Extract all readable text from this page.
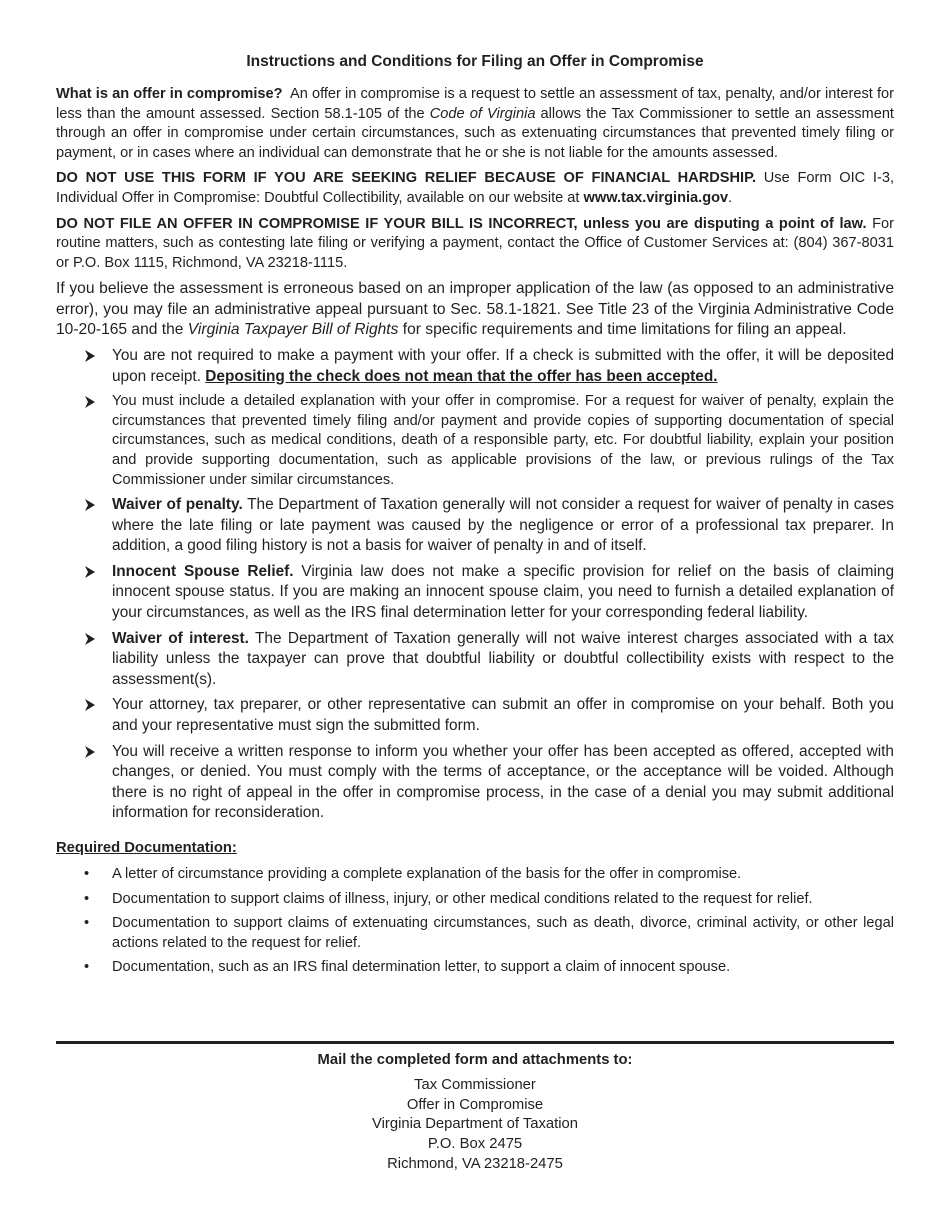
Instructions and Conditions for Filing an Offer in Compromise

What is an offer in compromise? An offer in compromise is a request to settle an assessment of tax, penalty, and/or interest for less than the amount assessed. Section 58.1-105 of the Code of Virginia allows the Tax Commissioner to settle an assessment through an offer in compromise under certain circumstances, such as extenuating circumstances that prevented timely filing or payment, or in cases where an individual can demonstrate that he or she is not liable for the amounts assessed.

DO NOT USE THIS FORM IF YOU ARE SEEKING RELIEF BECAUSE OF FINANCIAL HARDSHIP. Use Form OIC I-3, Individual Offer in Compromise: Doubtful Collectibility, available on our website at www.tax.virginia.gov.

DO NOT FILE AN OFFER IN COMPROMISE IF YOUR BILL IS INCORRECT, unless you are disputing a point of law. For routine matters, such as contesting late filing or verifying a payment, contact the Office of Customer Services at: (804) 367-8031 or P.O. Box 1115, Richmond, VA 23218-1115.

If you believe the assessment is erroneous based on an improper application of the law (as opposed to an administrative error), you may file an administrative appeal pursuant to Sec. 58.1-1821. See Title 23 of the Virginia Administrative Code 10-20-165 and the Virginia Taxpayer Bill of Rights for specific requirements and time limitations for filing an appeal.

You are not required to make a payment with your offer. If a check is submitted with the offer, it will be deposited upon receipt. Depositing the check does not mean that the offer has been accepted.
You must include a detailed explanation with your offer in compromise. For a request for waiver of penalty, explain the circumstances that prevented timely filing and/or payment and provide copies of supporting documentation of special circumstances, such as medical conditions, death of a responsible party, etc. For doubtful liability, explain your position and provide supporting documentation, such as applicable provisions of the law, or previous rulings of the Tax Commissioner under similar circumstances.
Waiver of penalty. The Department of Taxation generally will not consider a request for waiver of penalty in cases where the late filing or late payment was caused by the negligence or error of a professional tax preparer. In addition, a good filing history is not a basis for waiver of penalty in and of itself.
Innocent Spouse Relief. Virginia law does not make a specific provision for relief on the basis of claiming innocent spouse status. If you are making an innocent spouse claim, you need to furnish a detailed explanation of your circumstances, as well as the IRS final determination letter for your corresponding federal liability.
Waiver of interest. The Department of Taxation generally will not waive interest charges associated with a tax liability unless the taxpayer can prove that doubtful liability or doubtful collectibility exists with respect to the assessment(s).
Your attorney, tax preparer, or other representative can submit an offer in compromise on your behalf. Both you and your representative must sign the submitted form.
You will receive a written response to inform you whether your offer has been accepted as offered, accepted with changes, or denied. You must comply with the terms of acceptance, or the acceptance will be voided. Although there is no right of appeal in the offer in compromise process, in the case of a denial you may submit additional information for reconsideration.
Required Documentation:
• A letter of circumstance providing a complete explanation of the basis for the offer in compromise.
• Documentation to support claims of illness, injury, or other medical conditions related to the request for relief.
• Documentation to support claims of extenuating circumstances, such as death, divorce, criminal activity, or other legal actions related to the request for relief.
• Documentation, such as an IRS final determination letter, to support a claim of innocent spouse.
Mail the completed form and attachments to:
Tax Commissioner
Offer in Compromise
Virginia Department of Taxation
P.O. Box 2475
Richmond, VA 23218-2475
